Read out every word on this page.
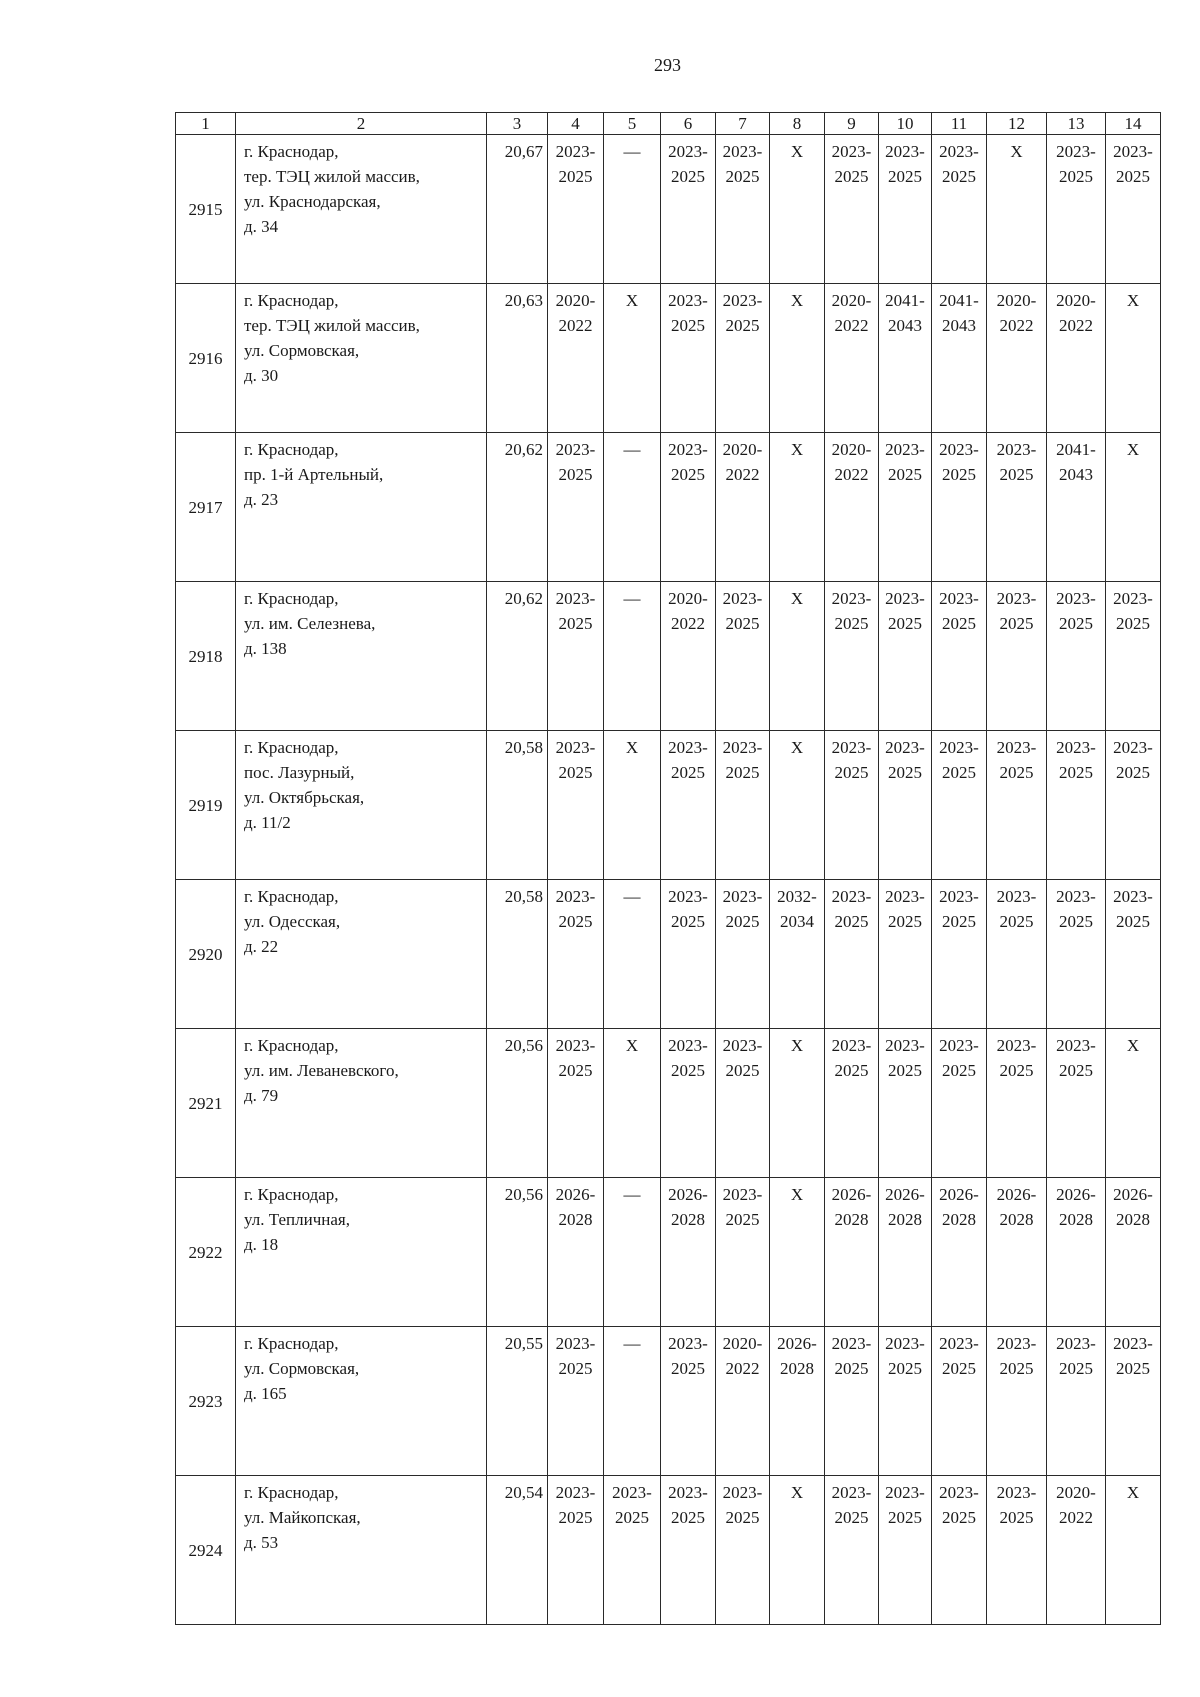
293
1	2	3	4	5	6	7	8	9	10	11	12	13	14
2915	г. Краснодар,
тер. ТЭЦ жилой массив,
ул. Краснодарская,
д. 34	20,67	2023-
2025	—	2023-
2025	2023-
2025	Х	2023-
2025	2023-
2025	2023-
2025	Х	2023-
2025	2023-
2025

2916	г. Краснодар,
тер. ТЭЦ жилой массив,
ул. Сормовская,
д. 30	20,63	2020-
2022	Х	2023-
2025	2023-
2025	Х	2020-
2022	2041-
2043	2041-
2043	2020-
2022	2020-
2022	Х

2917	г. Краснодар,
пр. 1-й Артельный,
д. 23	20,62	2023-
2025	—	2023-
2025	2020-
2022	Х	2020-
2022	2023-
2025	2023-
2025	2023-
2025	2041-
2043	Х

2918	г. Краснодар,
ул. им. Селезнева,
д. 138	20,62	2023-
2025	—	2020-
2022	2023-
2025	Х	2023-
2025	2023-
2025	2023-
2025	2023-
2025	2023-
2025	2023-
2025

2919	г. Краснодар,
пос. Лазурный,
ул. Октябрьская,
д. 11/2	20,58	2023-
2025	Х	2023-
2025	2023-
2025	Х	2023-
2025	2023-
2025	2023-
2025	2023-
2025	2023-
2025	2023-
2025

2920	г. Краснодар,
ул. Одесская,
д. 22	20,58	2023-
2025	—	2023-
2025	2023-
2025	2032-
2034	2023-
2025	2023-
2025	2023-
2025	2023-
2025	2023-
2025	2023-
2025

2921	г. Краснодар,
ул. им. Леваневского,
д. 79	20,56	2023-
2025	Х	2023-
2025	2023-
2025	Х	2023-
2025	2023-
2025	2023-
2025	2023-
2025	2023-
2025	Х

2922	г. Краснодар,
ул. Тепличная,
д. 18	20,56	2026-
2028	—	2026-
2028	2023-
2025	Х	2026-
2028	2026-
2028	2026-
2028	2026-
2028	2026-
2028	2026-
2028

2923	г. Краснодар,
ул. Сормовская,
д. 165	20,55	2023-
2025	—	2023-
2025	2020-
2022	2026-
2028	2023-
2025	2023-
2025	2023-
2025	2023-
2025	2023-
2025	2023-
2025

2924	г. Краснодар,
ул. Майкопская,
д. 53	20,54	2023-
2025	2023-
2025	2023-
2025	2023-
2025	Х	2023-
2025	2023-
2025	2023-
2025	2023-
2025	2020-
2022	Х
